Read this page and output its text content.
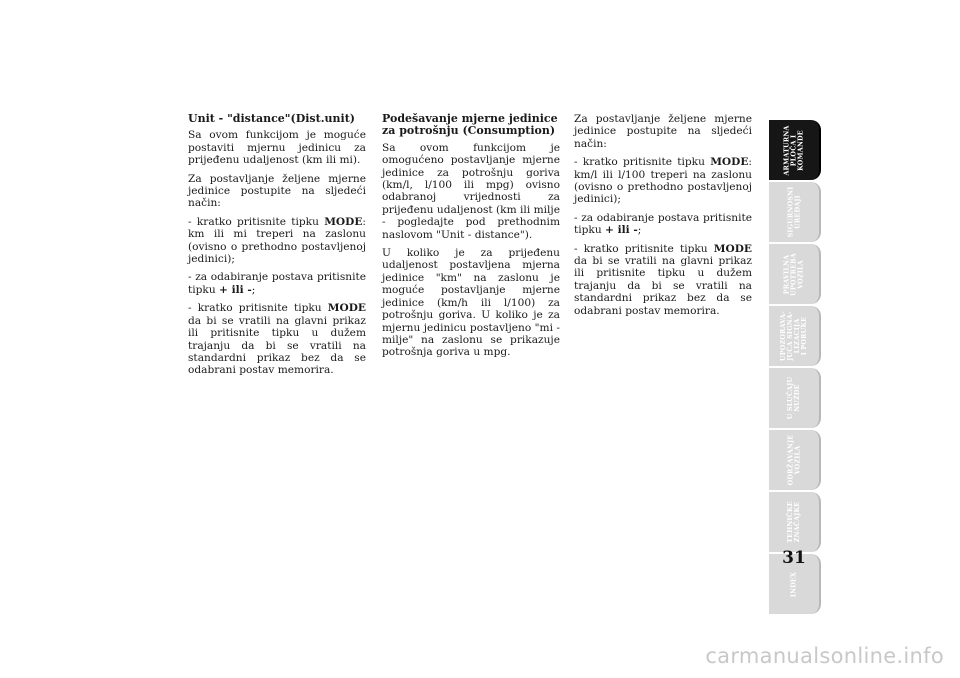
Unit - "distance"(Dist.unit)

Sa ovom funkcijom je moguće postaviti mjernu jedinicu za prijeđenu udaljenost (km ili mi).

Za postavljanje željene mjerne jedinice postupite na sljedeći način:

- kratko pritisnite tipku MODE: km ili mi treperi na zaslonu (ovisno o prethodno postavljenoj jedinici);

- za odabiranje postava pritisnite tipku + ili -;

- kratko pritisnite tipku MODE da bi se vratili na glavni prikaz ili pritisnite tipku u dužem trajanju da bi se vratili na standardni prikaz bez da se odabrani postav memorira.

Podešavanje mjerne jedinice za potrošnju (Consumption)

Sa ovom funkcijom je omogućeno postavljanje mjerne jedinice za potrošnju goriva (km/l, l/100 ili mpg) ovisno odabranoj vrijednosti za prijeđenu udaljenost (km ili milje - pogledajte pod prethodnim naslovom "Unit - distance").

U koliko je za prijeđenu udaljenost postavljena mjerna jedinice "km" na zaslonu je moguće postavljanje mjerne jedinice (km/h ili l/100) za potrošnju goriva. U koliko je za mjernu jedinicu postavljeno "mi - milje" na zaslonu se prikazuje potrošnja goriva u mpg.

Za postavljanje željene mjerne jedinice postupite na sljedeći način:

- kratko pritisnite tipku MODE: km/l ili l/100 treperi na zaslonu (ovisno o prethodno postavljenoj jedinici);

- za odabiranje postava pritisnite tipku + ili -;

- kratko pritisnite tipku MODE da bi se vratili na glavni prikaz ili pritisnite tipku u dužem trajanju da bi se vratili na standardni prikaz bez da se odabrani postav memorira.

ARMATURNA
PLOČA I
KOMANDE
SIGURNOSNI
UREĐAJI
PRAVILNA
UPOTREBA
VOZILA
UPOZORAVA-
JUĆA SIGNA-
LIZACIJA
I PORUKE
U SLUČAJU
NUŽDE
ODRŽAVANJE
VOZILA
TEHNIČKE
ZNAČAJKE
INDEX
31
carmanualsonline.info
